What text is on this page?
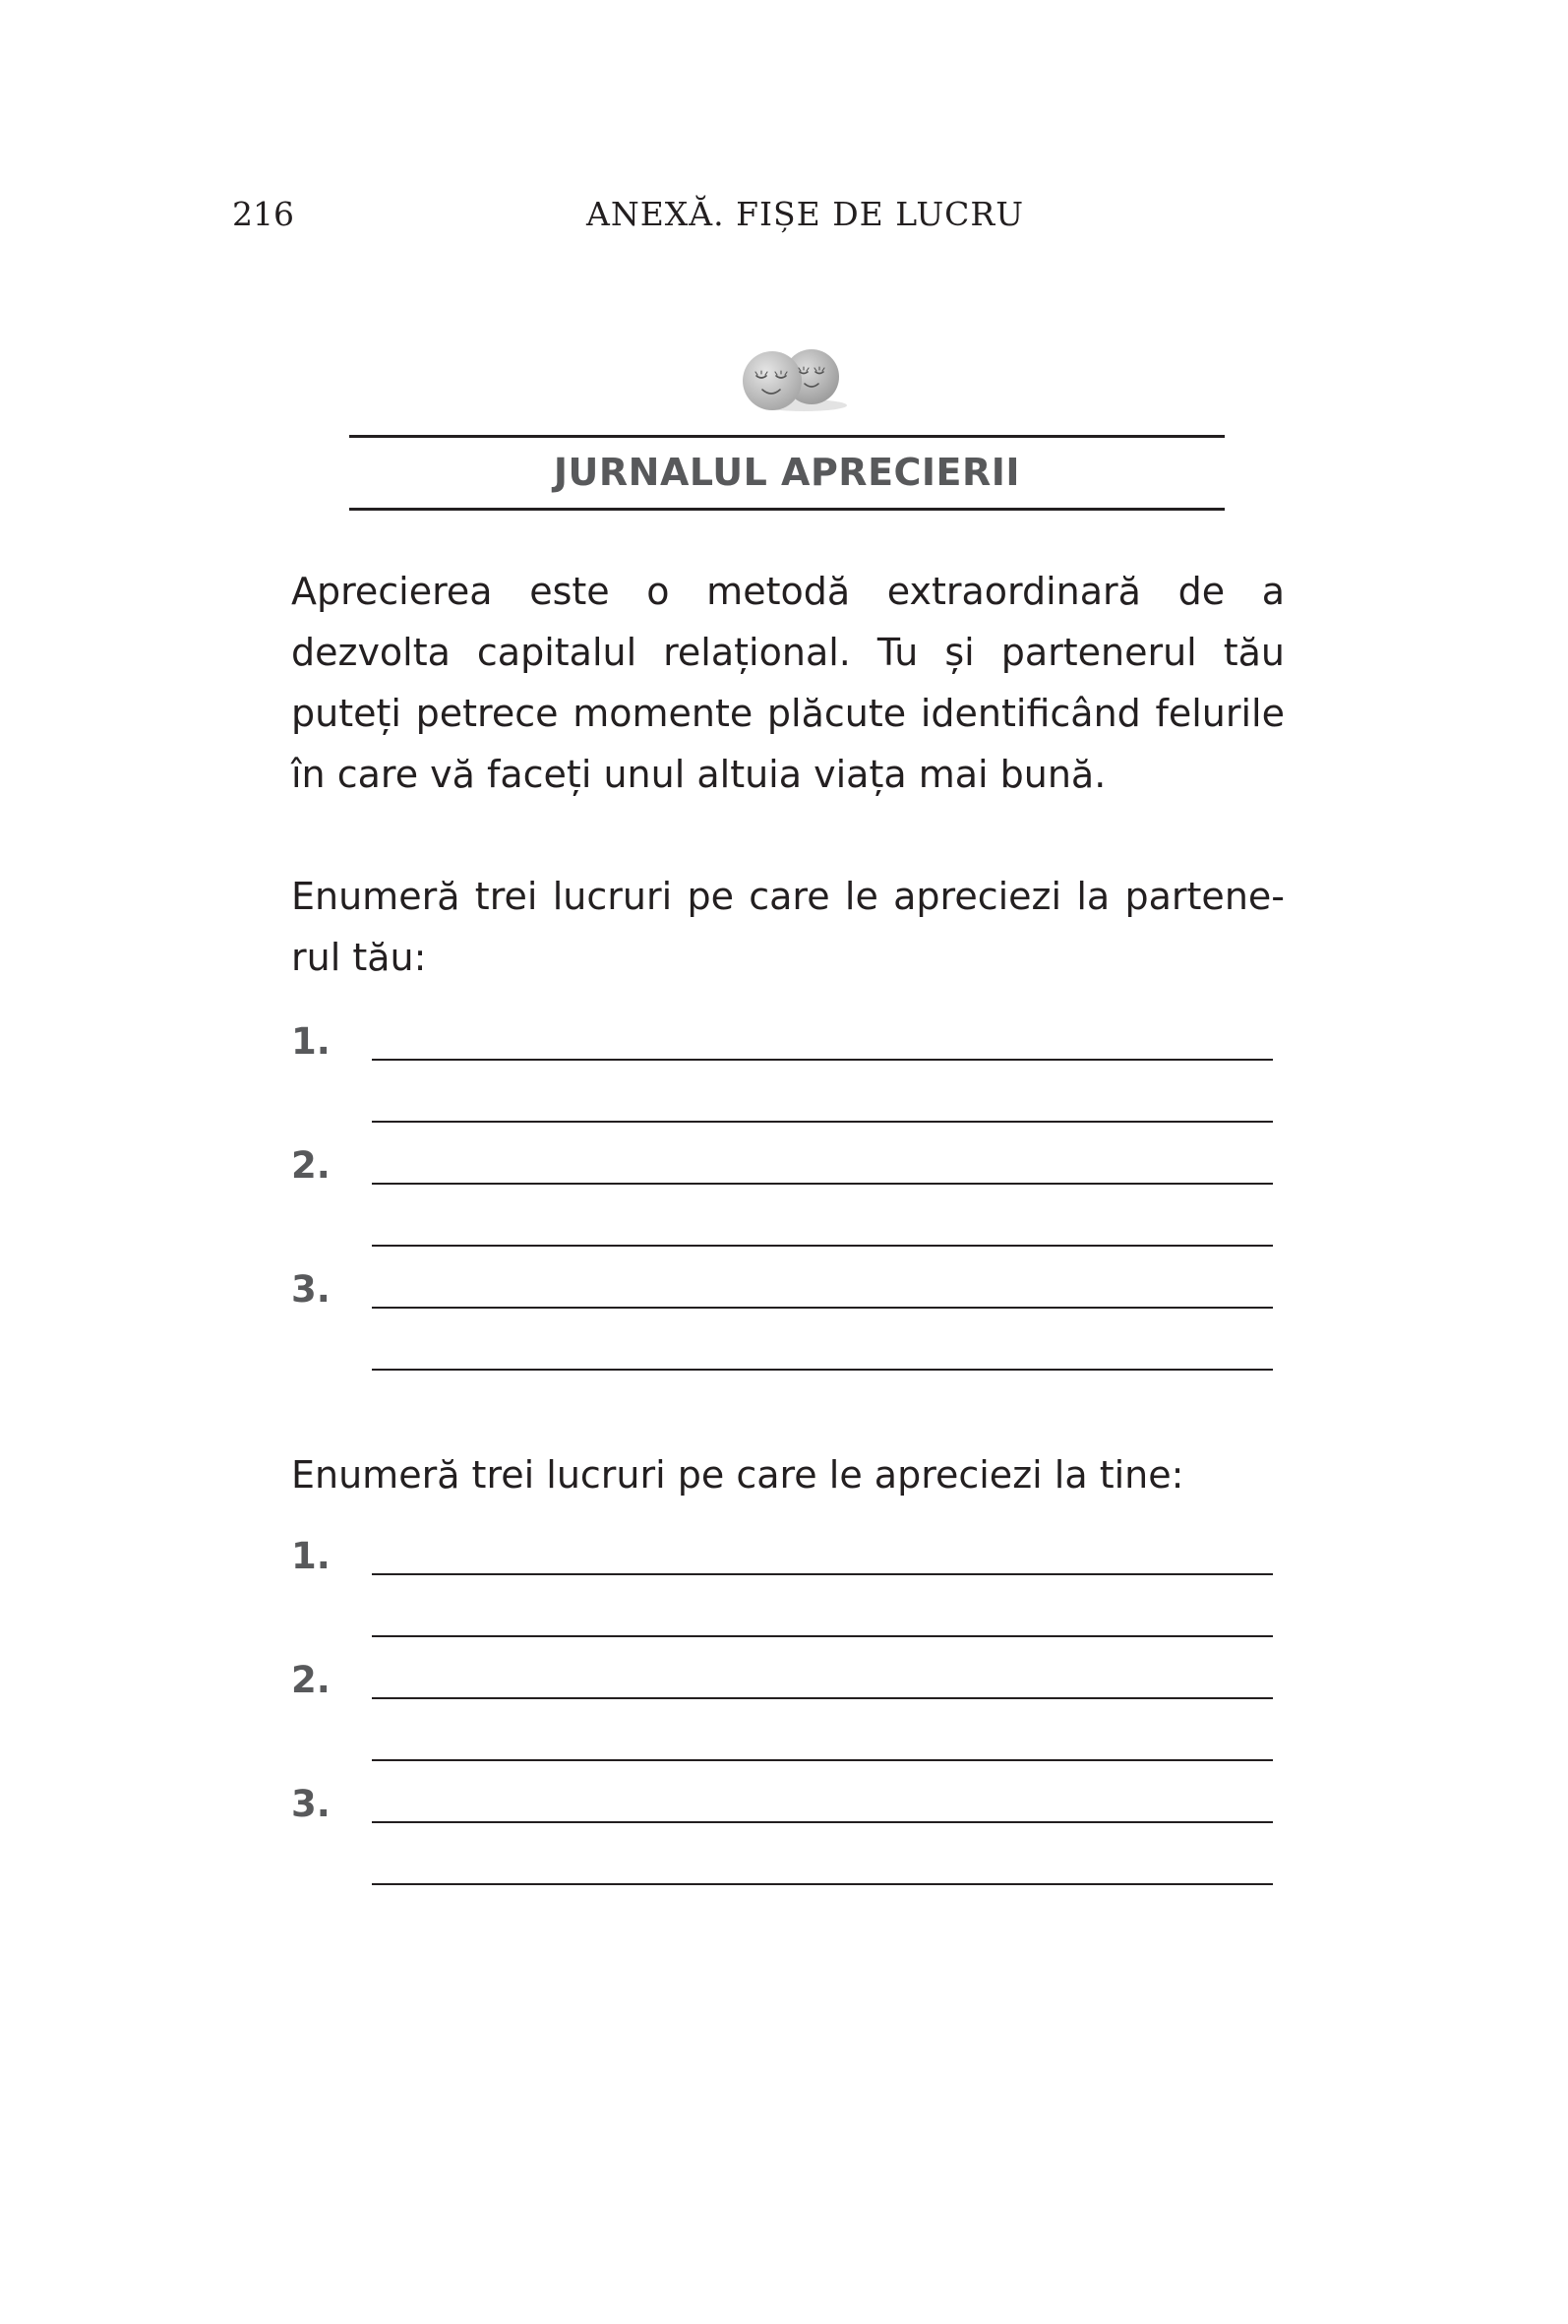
216	ANEXĂ. FIȘE DE LUCRU
JURNALUL APRECIERII

Aprecierea este o metodă extraordinară de a dezvolta capitalul relațional. Tu și partenerul tău puteți petrece momente plăcute identificând felurile în care vă faceți unul altuia viața mai bună.

Enumeră trei lucruri pe care le apreciezi la partene-rul tău:

1.
2.
3.

Enumeră trei lucruri pe care le apreciezi la tine:

1.
2.
3.
